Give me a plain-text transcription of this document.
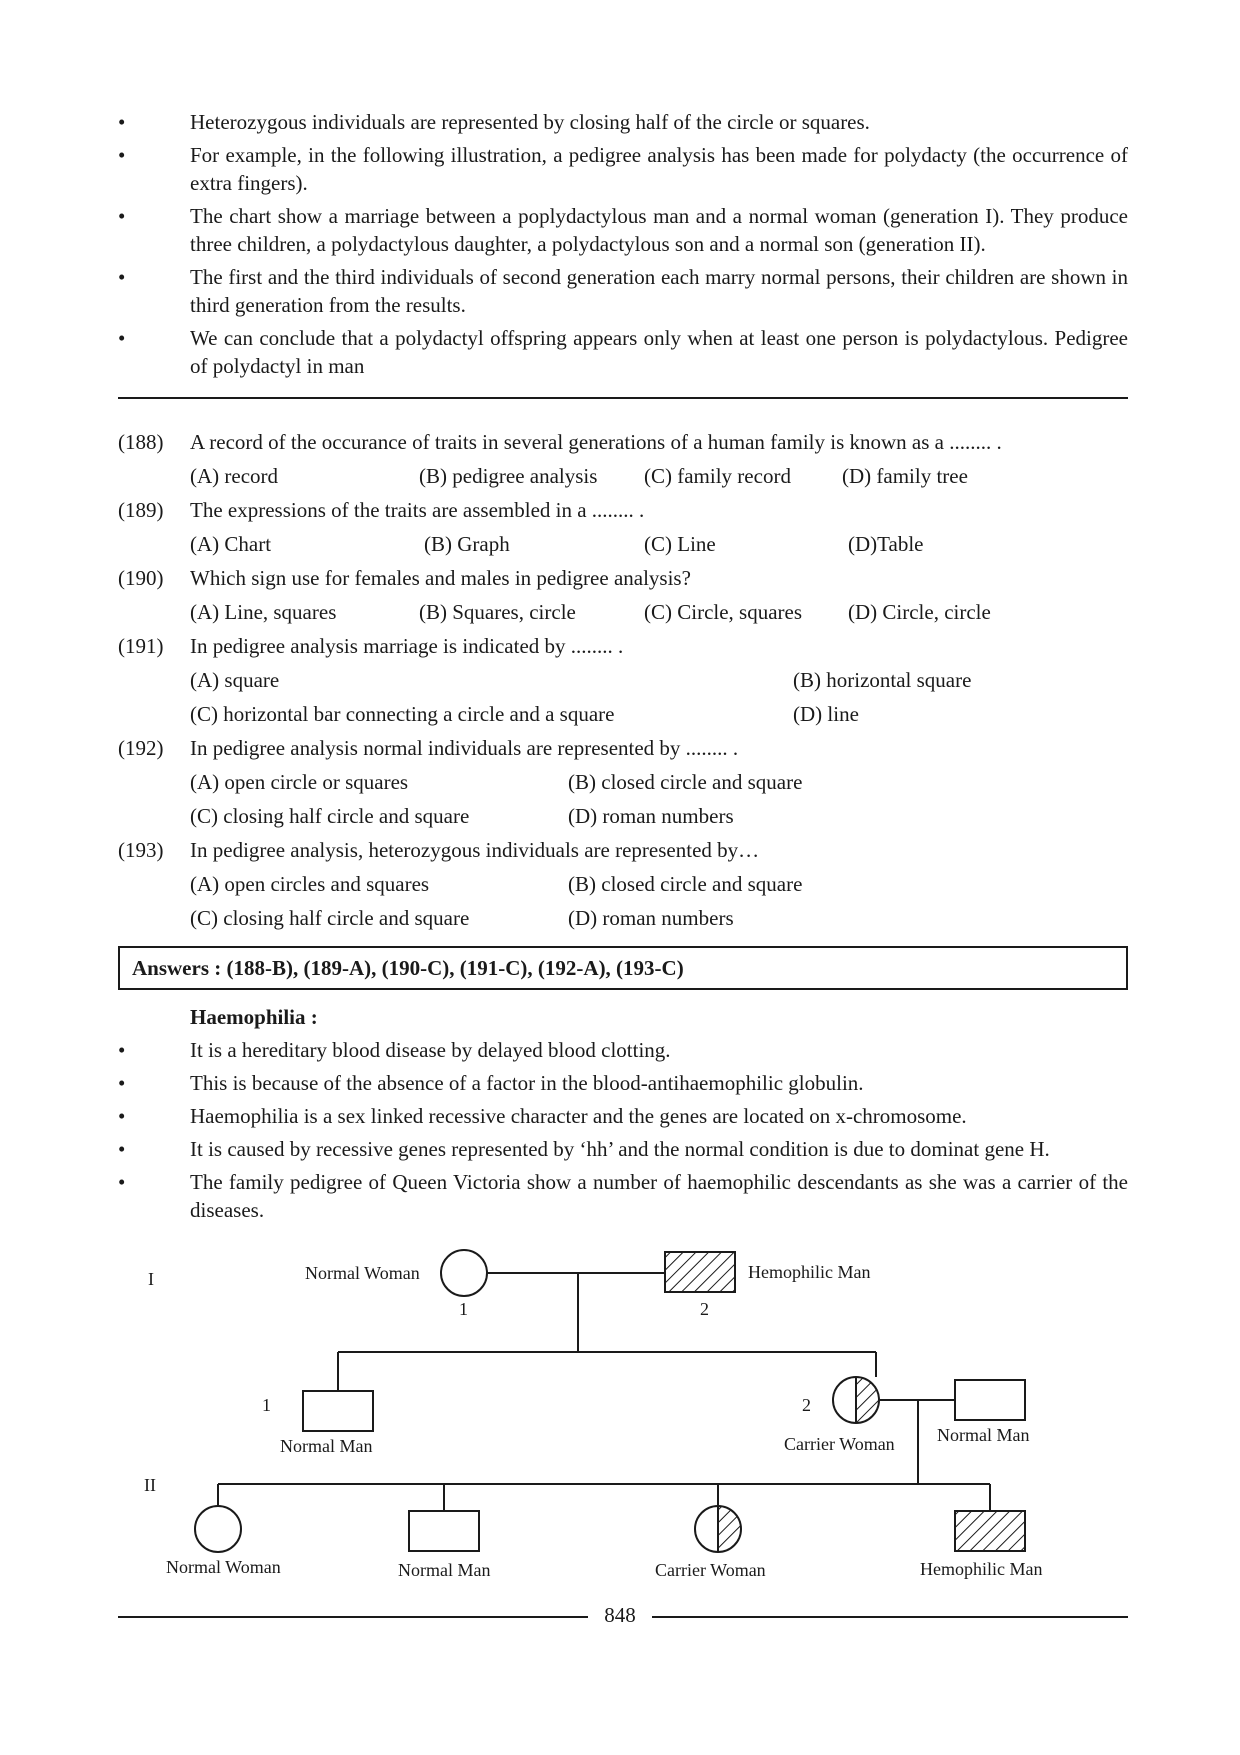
•	Heterozygous individuals are represented by closing half of the circle or squares.
•	For example, in the following illustration, a pedigree analysis has been made for polydacty (the occurrence of extra fingers).
•	The chart show a marriage between a poplydactylous man and a normal woman (generation I). They produce three children, a polydactylous daughter, a polydactylous son and a normal son (generation II).
•	The first and the third individuals of second generation each marry normal persons, their children are shown in third generation from the results.
•	We can conclude that a polydactyl offspring appears only when at least one person is polydactylous. Pedigree of polydactyl in man
(188) A record of the occurance of traits in several generations of a human family is known as a ........ .
(A) record	(B) pedigree analysis (C) family record (D) family tree
(189) The expressions of the traits are assembled in a ........ .
(A) Chart	(B) Graph	(C) Line	(D)Table
(190) Which sign use for females and males in pedigree analysis?
(A) Line, squares	(B) Squares, circle	(C) Circle, squares (D) Circle, circle
(191) In pedigree analysis marriage is indicated by ........ .
(A) square	(B) horizontal square
(C) horizontal bar connecting a circle and a square	(D) line
(192) In pedigree analysis normal individuals are represented by ........ .
(A) open circle or squares	(B) closed circle and square
(C) closing half circle and square	(D) roman numbers
(193) In pedigree analysis, heterozygous individuals are represented by…
(A) open circles and squares	(B) closed circle and square
(C) closing half circle and square	(D) roman numbers
Answers : (188-B), (189-A), (190-C), (191-C), (192-A), (193-C)
Haemophilia :
•	It is a hereditary blood disease by delayed blood clotting.
•	This is because of the absence of a factor in the blood-antihaemophilic globulin.
•	Haemophilia is a sex linked recessive character and the genes are located on x-chromosome.
•	It is caused by recessive genes represented by ‘hh’ and the normal condition is due to dominat gene H.
•	The family pedigree of Queen Victoria show a number of haemophilic descendants as she was a carrier of the diseases.
I
II
Normal Woman
1
Hemophilic Man
2
1
Normal Man
2
Carrier Woman Normal Man
Normal Woman	Normal Man	Carrier Woman	Hemophilic Man
848
